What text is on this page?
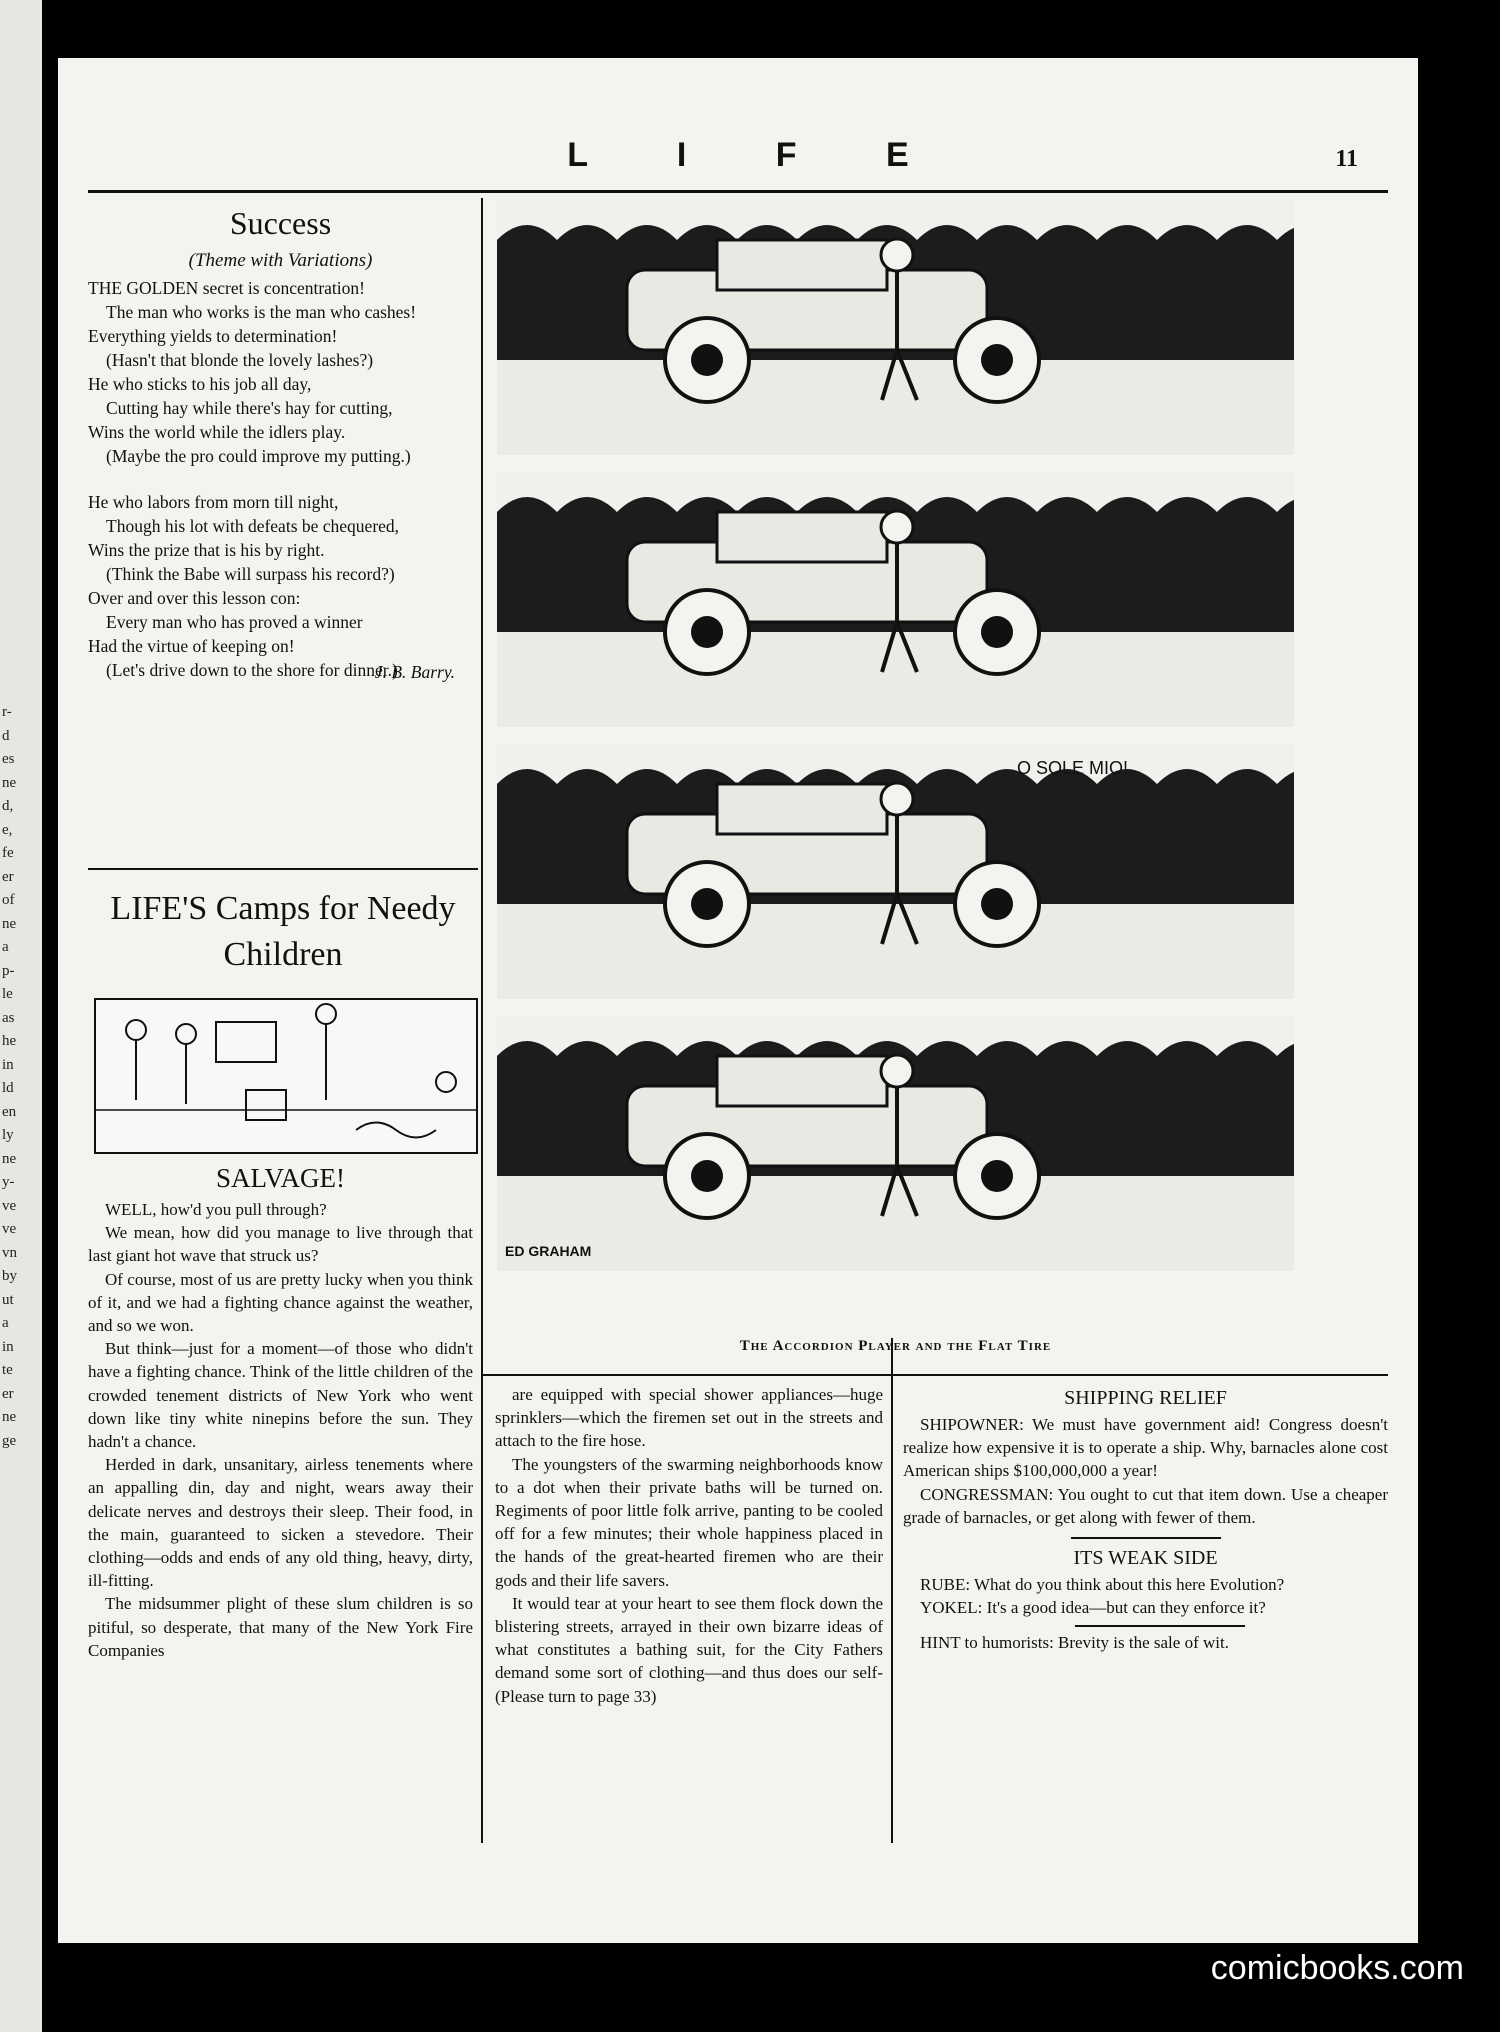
r-
d
es
ne
d,
e,
fe
er
of
ne
a
p-
le
as
he
in
ld
en
ly
ne
y-
ve
ve
vn
by
ut
a
in
te
er
ne
ge
L I F E	11
Success
(Theme with Variations)
THE GOLDEN secret is concentration!
The man who works is the man who cashes!
Everything yields to determination!
(Hasn't that blonde the lovely lashes?)
He who sticks to his job all day,
Cutting hay while there's hay for cutting,
Wins the world while the idlers play.
(Maybe the pro could improve my putting.)
He who labors from morn till night,
Though his lot with defeats be chequered,
Wins the prize that is his by right.
(Think the Babe will surpass his record?)
Over and over this lesson con:
Every man who has proved a winner
Had the virtue of keeping on!
(Let's drive down to the shore for dinner.)
J. B. Barry.
LIFE'S Camps for Needy Children
SALVAGE!

WELL, how'd you pull through?

We mean, how did you manage to live through that last giant hot wave that struck us?

Of course, most of us are pretty lucky when you think of it, and we had a fighting chance against the weather, and so we won.

But think—just for a moment—of those who didn't have a fighting chance. Think of the little children of the crowded tenement districts of New York who went down like tiny white ninepins before the sun. They hadn't a chance.

Herded in dark, unsanitary, airless tenements where an appalling din, day and night, wears away their delicate nerves and destroys their sleep. Their food, in the main, guaranteed to sicken a stevedore. Their clothing—odds and ends of any old thing, heavy, dirty, ill-fitting.

The midsummer plight of these slum children is so pitiful, so desperate, that many of the New York Fire Companies

are equipped with special shower appliances—huge sprinklers—which the firemen set out in the streets and attach to the fire hose.

The youngsters of the swarming neighborhoods know to a dot when their private baths will be turned on. Regiments of poor little folk arrive, panting to be cooled off for a few minutes; their whole happiness placed in the hands of the great-hearted firemen who are their gods and their life savers.

It would tear at your heart to see them flock down the blistering streets, arrayed in their own bizarre ideas of what constitutes a bathing suit, for the City Fathers demand some sort of clothing—and thus does our self- (Please turn to page 33)

SHIPPING RELIEF

SHIPOWNER: We must have government aid! Congress doesn't realize how expensive it is to operate a ship. Why, barnacles alone cost American ships $100,000,000 a year!

CONGRESSMAN: You ought to cut that item down. Use a cheaper grade of barnacles, or get along with fewer of them.

ITS WEAK SIDE

RUBE: What do you think about this here Evolution?

YOKEL: It's a good idea—but can they enforce it?

HINT to humorists: Brevity is the sale of wit.

The Accordion Player and the Flat Tire
O SOLE MIO!
ED GRAHAM
comicbooks.com
